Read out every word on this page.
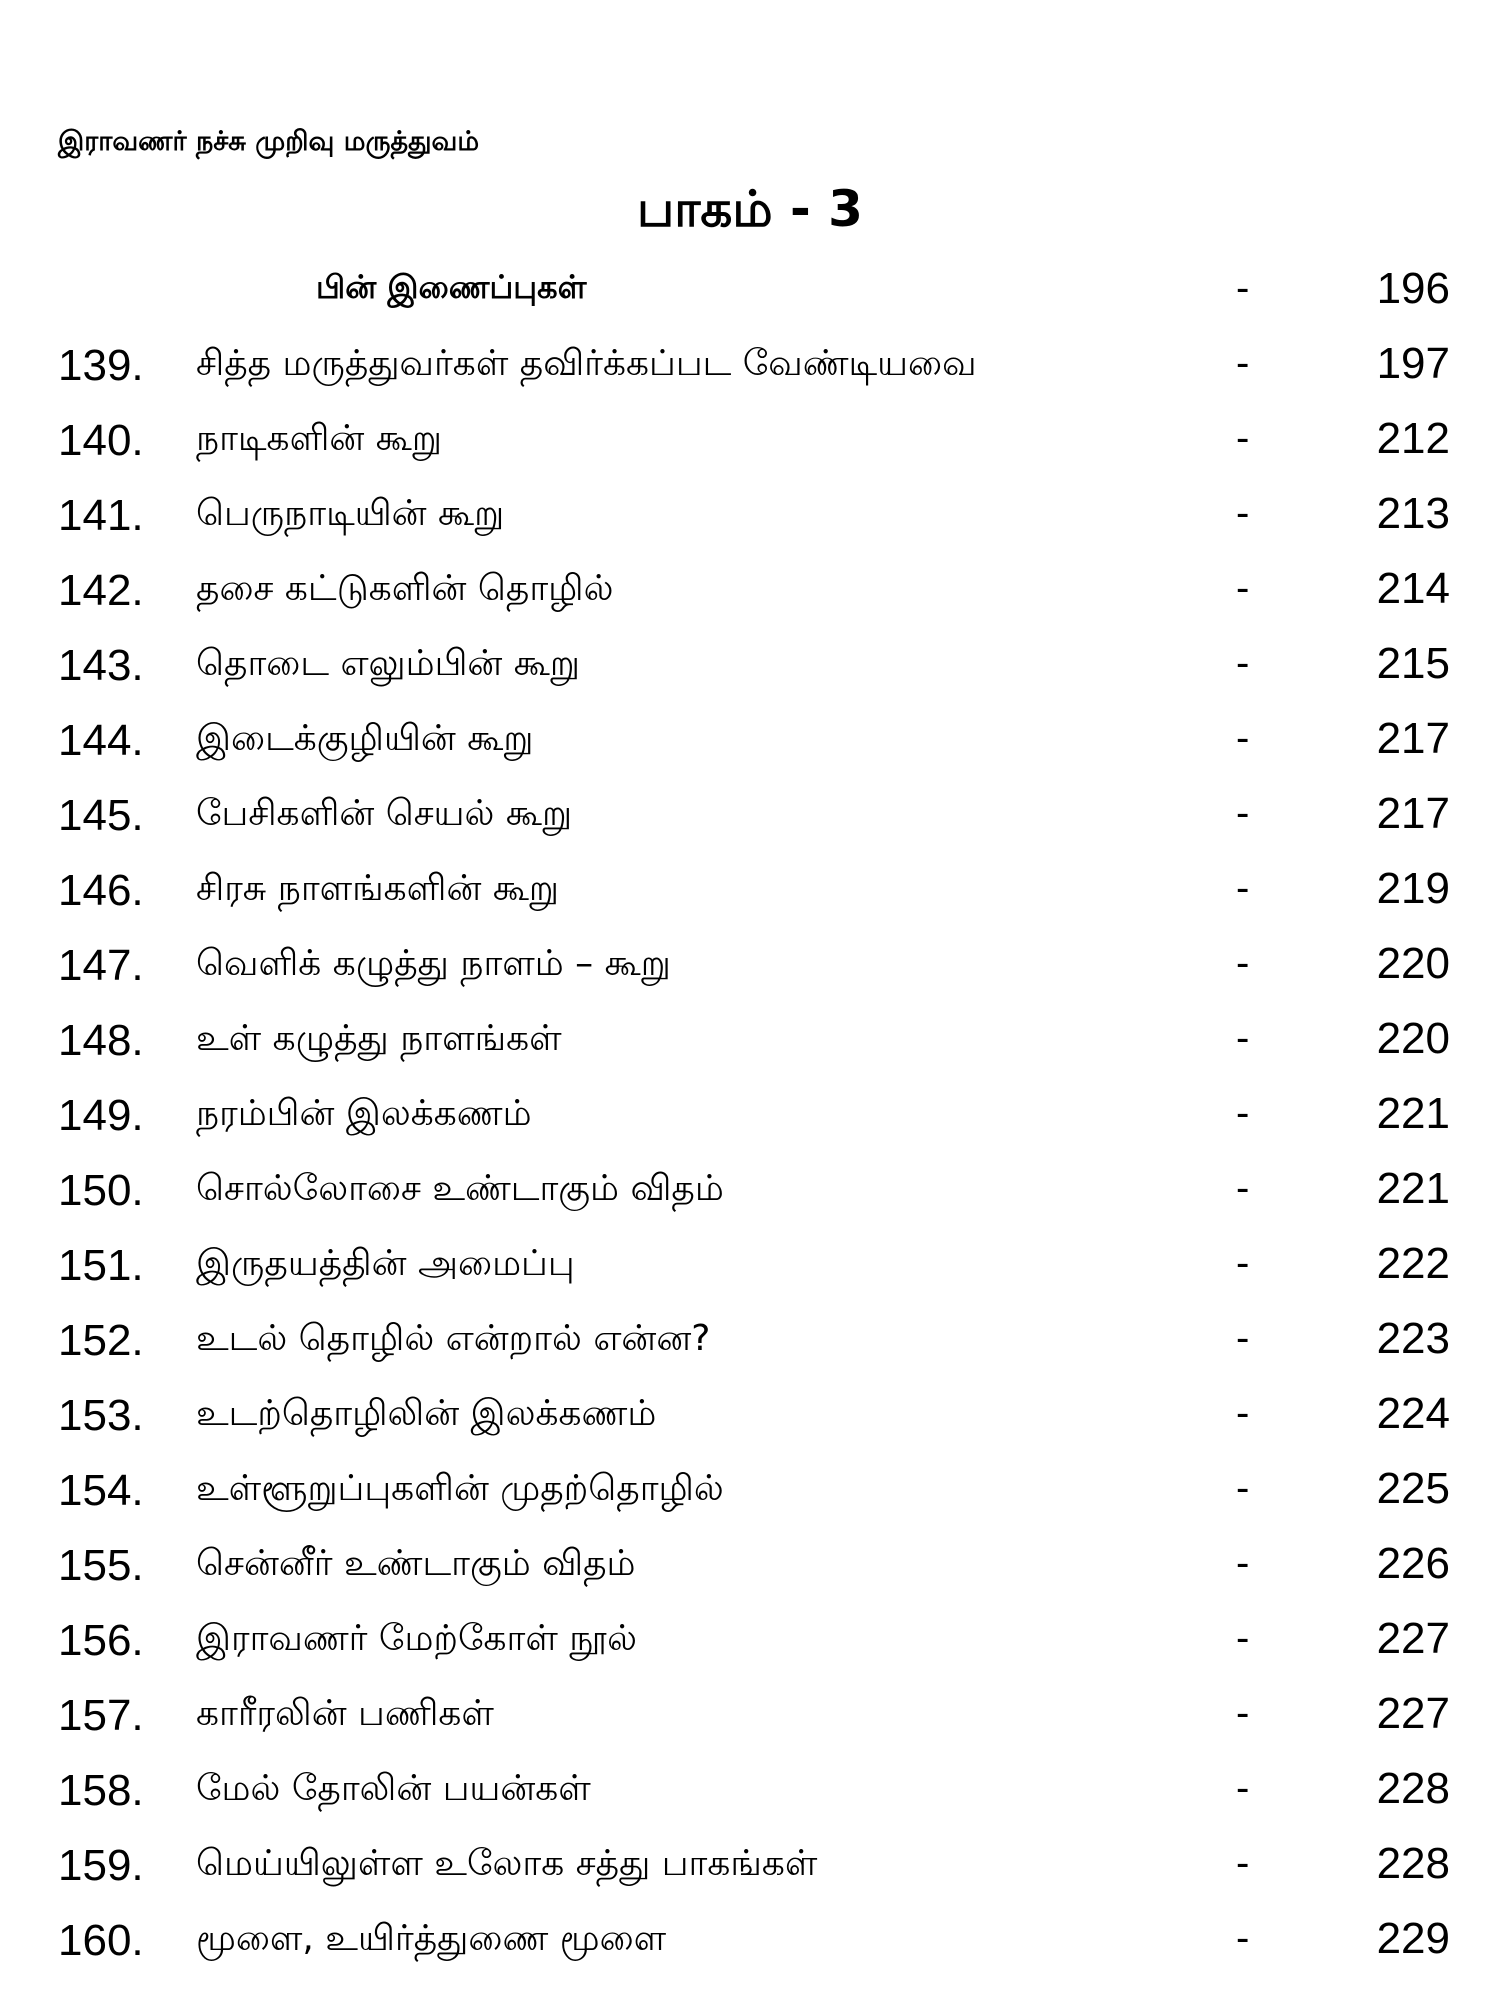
இராவணர் நச்சு முறிவு மருத்துவம்
பாகம் - 3
பின் இணைப்புகள்	-	196
139. சித்த மருத்துவர்கள் தவிர்க்கப்பட வேண்டியவை	-	197
140. நாடிகளின் கூறு	-	212
141. பெருநாடியின் கூறு	-	213
142. தசை கட்டுகளின் தொழில்	-	214
143. தொடை எலும்பின் கூறு	-	215
144. இடைக்குழியின் கூறு	-	217
145. பேசிகளின் செயல் கூறு	-	217
146. சிரசு நாளங்களின் கூறு	-	219
147. வெளிக் கழுத்து நாளம் – கூறு	-	220
148. உள் கழுத்து நாளங்கள்	-	220
149. நரம்பின் இலக்கணம்	-	221
150. சொல்லோசை உண்டாகும் விதம்	-	221
151. இருதயத்தின் அமைப்பு	-	222
152. உடல் தொழில் என்றால் என்ன?	-	223
153. உடற்தொழிலின் இலக்கணம்	-	224
154. உள்ளூறுப்புகளின் முதற்தொழில்	-	225
155. சென்னீர் உண்டாகும் விதம்	-	226
156. இராவணர் மேற்கோள் நூல்	-	227
157. காரீரலின் பணிகள்	-	227
158. மேல் தோலின் பயன்கள்	-	228
159. மெய்யிலுள்ள உலோக சத்து பாகங்கள்	-	228
160. மூளை, உயிர்த்துணை மூளை	-	229
